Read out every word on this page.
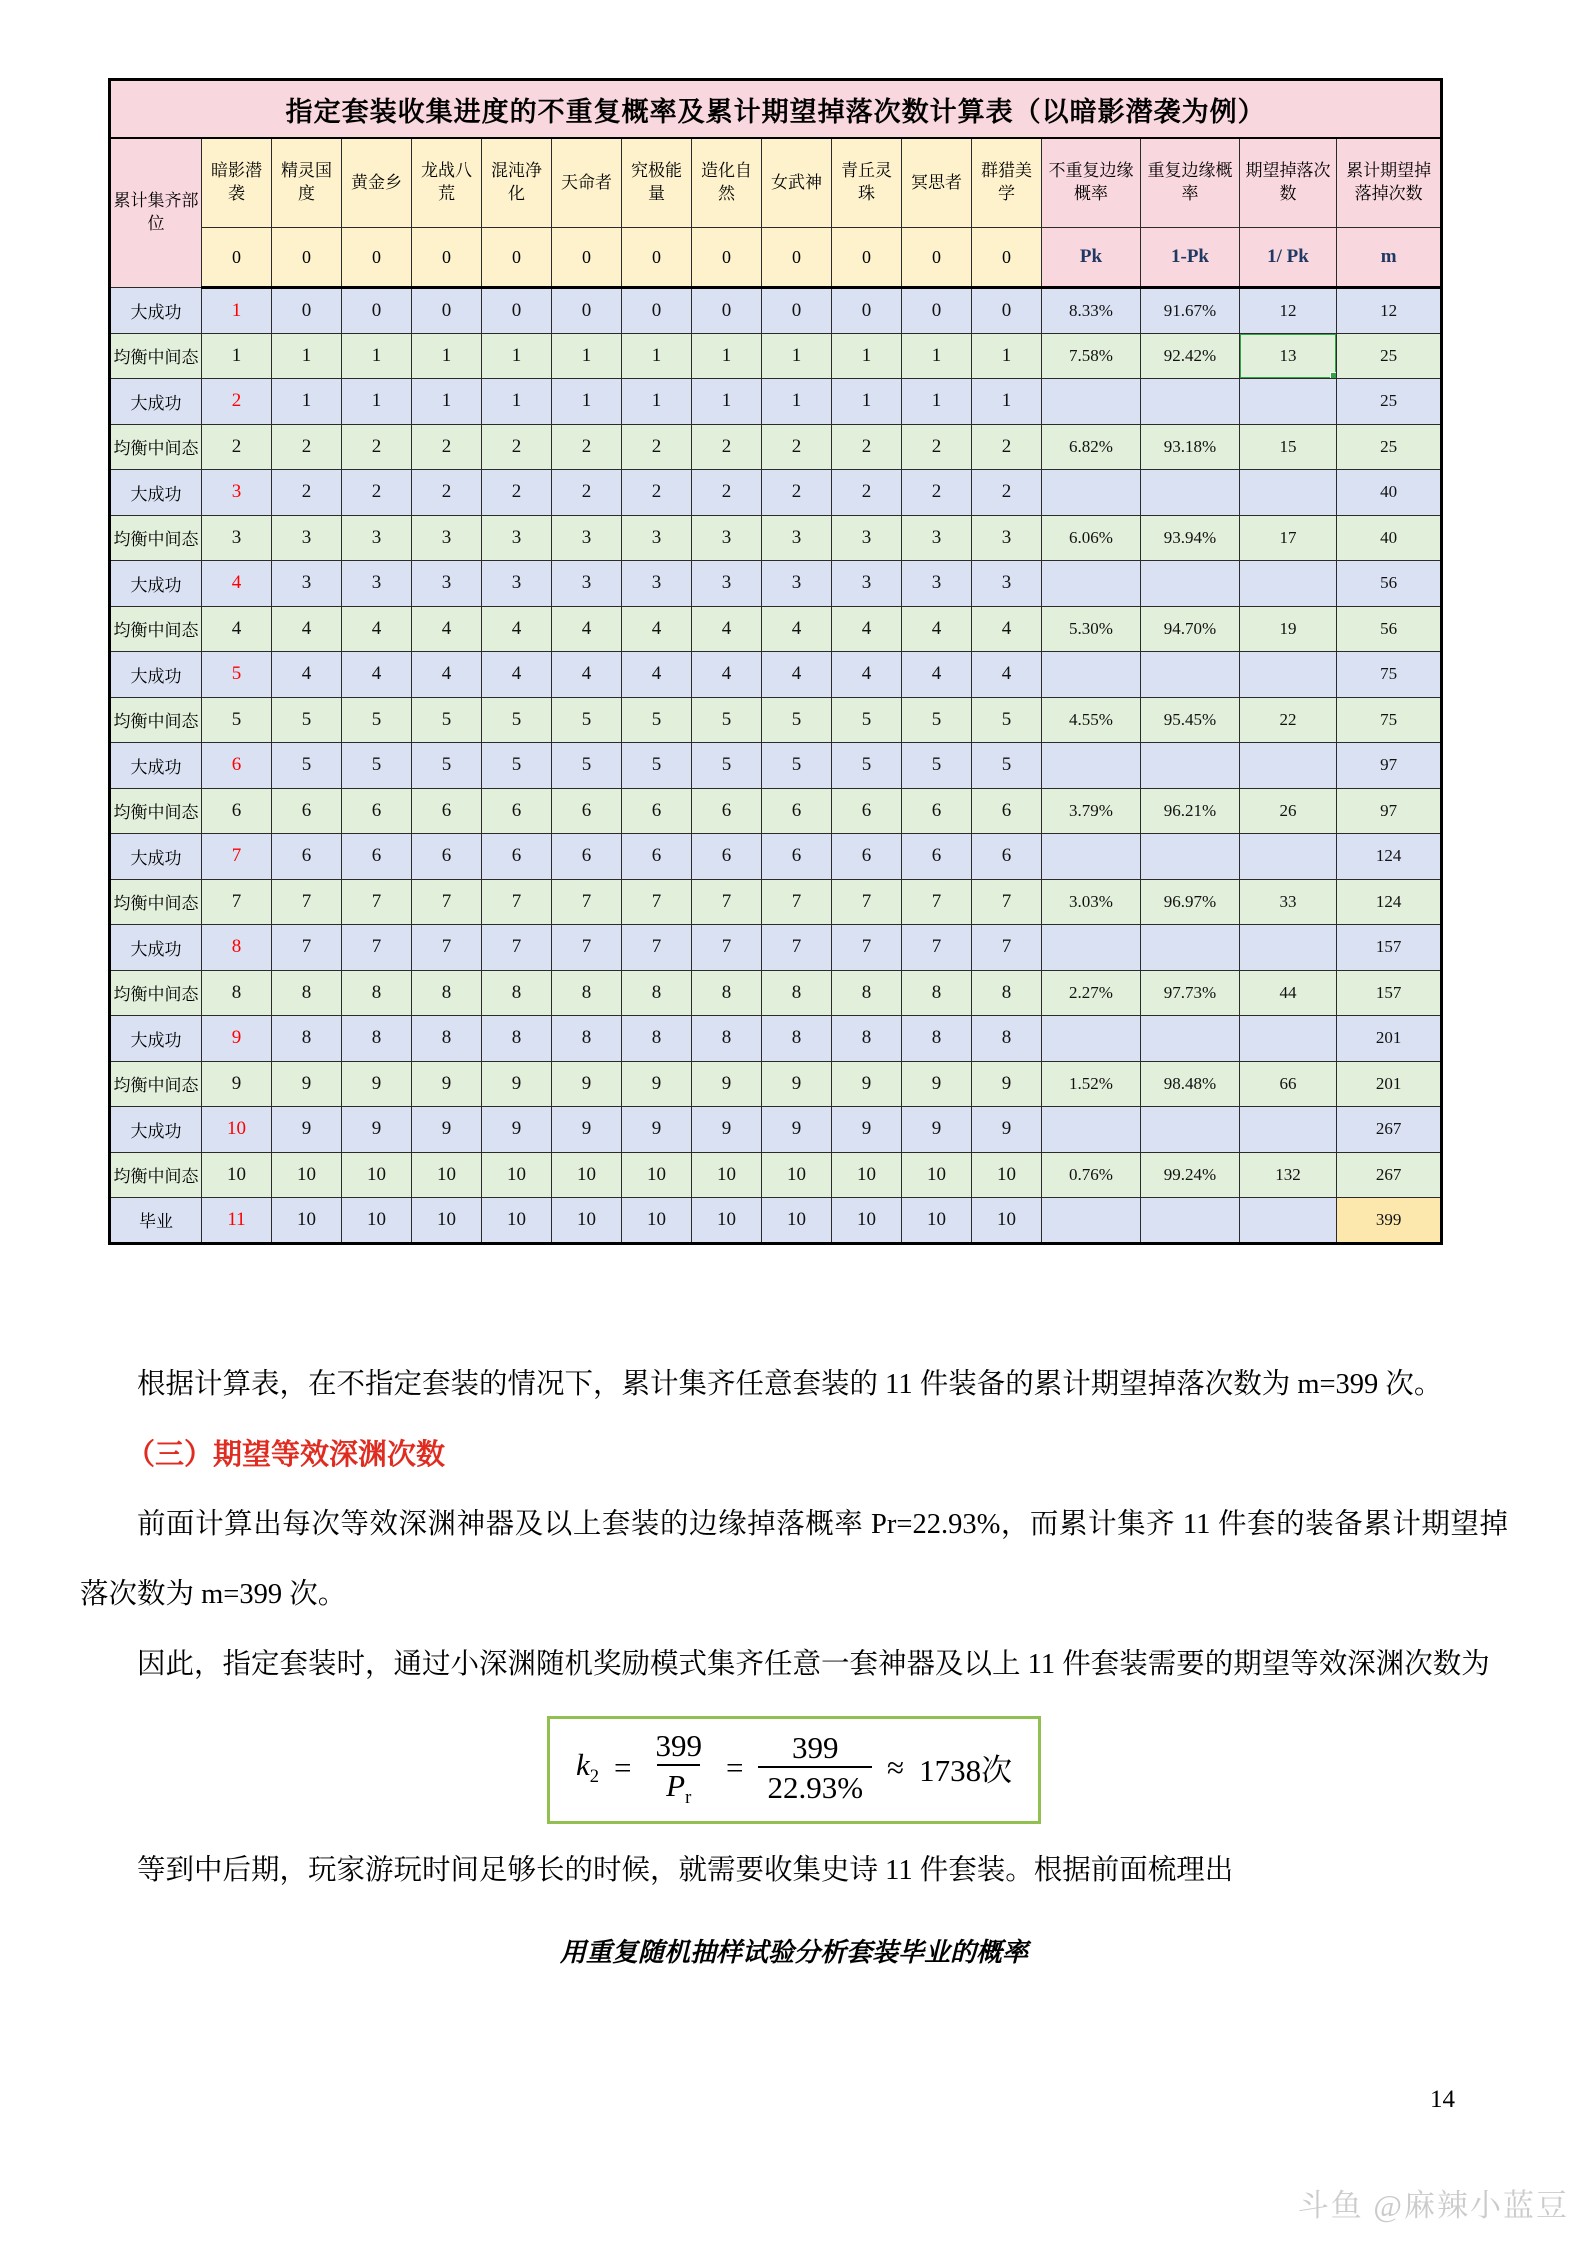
指定套装收集进度的不重复概率及累计期望掉落次数计算表（以暗影潜袭为例）																
累计集齐部位	暗影潜袭	精灵国度	黄金乡	龙战八荒	混沌净化	天命者	究极能量	造化自然	女武神	青丘灵珠	冥思者	群猎美学	不重复边缘概率	重复边缘概率	期望掉落次数	累计期望掉落掉次数
	0	0	0	0	0	0	0	0	0	0	0	0	Pk	1-Pk	1/ Pk	m
大成功	1	0	0	0	0	0	0	0	0	0	0	0	8.33%	91.67%	12	12
均衡中间态	1	1	1	1	1	1	1	1	1	1	1	1	7.58%	92.42%	13	25
大成功	2	1	1	1	1	1	1	1	1	1	1	1				25
均衡中间态	2	2	2	2	2	2	2	2	2	2	2	2	6.82%	93.18%	15	25
大成功	3	2	2	2	2	2	2	2	2	2	2	2				40
均衡中间态	3	3	3	3	3	3	3	3	3	3	3	3	6.06%	93.94%	17	40
大成功	4	3	3	3	3	3	3	3	3	3	3	3				56
均衡中间态	4	4	4	4	4	4	4	4	4	4	4	4	5.30%	94.70%	19	56
大成功	5	4	4	4	4	4	4	4	4	4	4	4				75
均衡中间态	5	5	5	5	5	5	5	5	5	5	5	5	4.55%	95.45%	22	75
大成功	6	5	5	5	5	5	5	5	5	5	5	5				97
均衡中间态	6	6	6	6	6	6	6	6	6	6	6	6	3.79%	96.21%	26	97
大成功	7	6	6	6	6	6	6	6	6	6	6	6				124
均衡中间态	7	7	7	7	7	7	7	7	7	7	7	7	3.03%	96.97%	33	124
大成功	8	7	7	7	7	7	7	7	7	7	7	7				157
均衡中间态	8	8	8	8	8	8	8	8	8	8	8	8	2.27%	97.73%	44	157
大成功	9	8	8	8	8	8	8	8	8	8	8	8				201
均衡中间态	9	9	9	9	9	9	9	9	9	9	9	9	1.52%	98.48%	66	201
大成功	10	9	9	9	9	9	9	9	9	9	9	9				267
均衡中间态	10	10	10	10	10	10	10	10	10	10	10	10	0.76%	99.24%	132	267
毕业	11	10	10	10	10	10	10	10	10	10	10	10				399

根据计算表，在不指定套装的情况下，累计集齐任意套装的 11 件装备的累计期望掉落次数为 m=399 次。

（三）期望等效深渊次数

前面计算出每次等效深渊神器及以上套装的边缘掉落概率 Pr=22.93%，而累计集齐 11 件套的装备累计期望掉落次数为 m=399 次。

因此，指定套装时，通过小深渊随机奖励模式集齐任意一套神器及以上 11 件套装需要的期望等效深渊次数为

$k_2 = \frac{399}{P_r} = \frac{399}{22.93\%} \approx 1738$次

等到中后期，玩家游玩时间足够长的时候，就需要收集史诗 11 件套装。根据前面梳理出

用重复随机抽样试验分析套装毕业的概率
14
斗鱼 @麻辣小蓝豆
